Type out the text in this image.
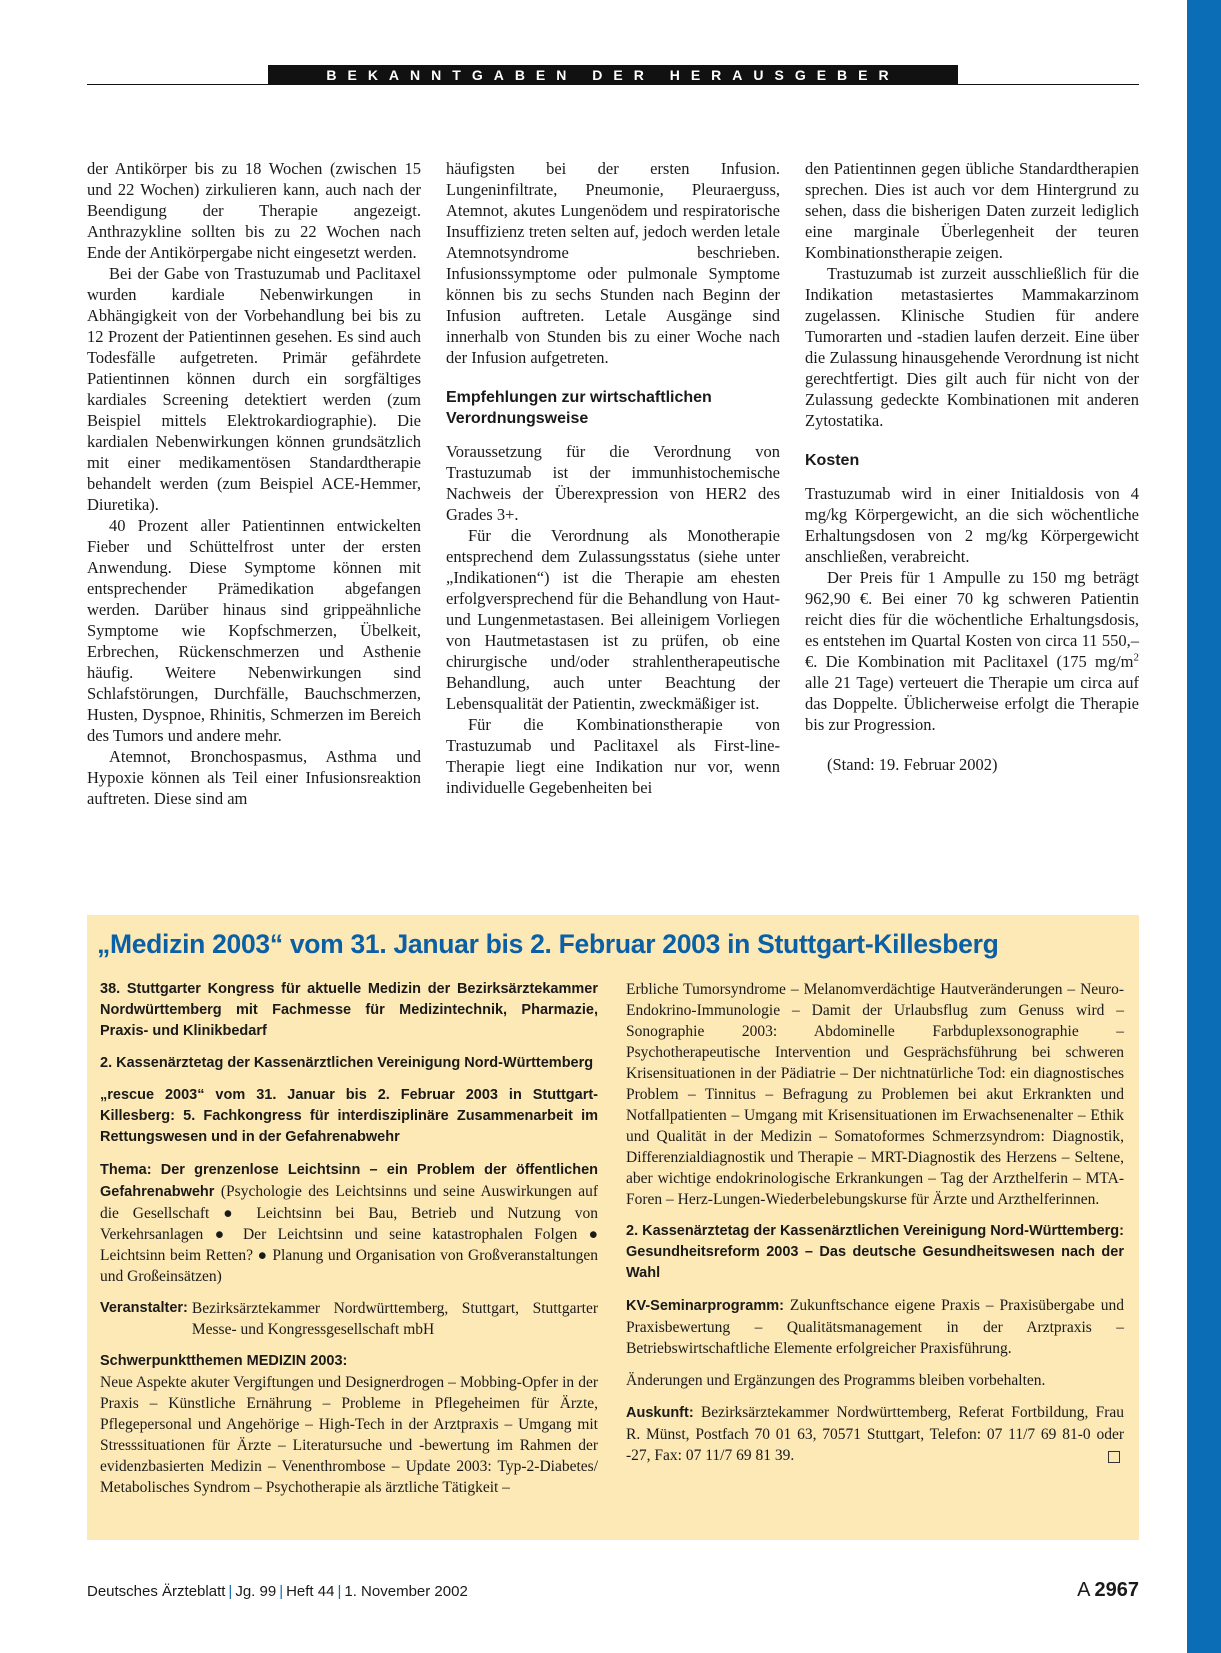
BEKANNTGABEN DER HERAUSGEBER

der Antikörper bis zu 18 Wochen (zwischen 15 und 22 Wochen) zirkulieren kann, auch nach der Beendigung der Therapie angezeigt. Anthrazykline sollten bis zu 22 Wochen nach Ende der Antikörpergabe nicht eingesetzt werden.

Bei der Gabe von Trastuzumab und Paclitaxel wurden kardiale Nebenwirkungen in Abhängigkeit von der Vorbehandlung bei bis zu 12 Prozent der Patientinnen gesehen. Es sind auch Todesfälle aufgetreten. Primär gefährdete Patientinnen können durch ein sorgfältiges kardiales Screening detektiert werden (zum Beispiel mittels Elektrokardiographie). Die kardialen Nebenwirkungen können grundsätzlich mit einer medikamentösen Standardtherapie behandelt werden (zum Beispiel ACE-Hemmer, Diuretika).

40 Prozent aller Patientinnen entwickelten Fieber und Schüttelfrost unter der ersten Anwendung. Diese Symptome können mit entsprechender Prämedikation abgefangen werden. Darüber hinaus sind grippeähnliche Symptome wie Kopfschmerzen, Übelkeit, Erbrechen, Rückenschmerzen und Asthenie häufig. Weitere Nebenwirkungen sind Schlafstörungen, Durchfälle, Bauchschmerzen, Husten, Dyspnoe, Rhinitis, Schmerzen im Bereich des Tumors und andere mehr.

Atemnot, Bronchospasmus, Asthma und Hypoxie können als Teil einer Infusionsreaktion auftreten. Diese sind am

häufigsten bei der ersten Infusion. Lungeninfiltrate, Pneumonie, Pleuraerguss, Atemnot, akutes Lungenödem und respiratorische Insuffizienz treten selten auf, jedoch werden letale Atemnotsyndrome beschrieben. Infusionssymptome oder pulmonale Symptome können bis zu sechs Stunden nach Beginn der Infusion auftreten. Letale Ausgänge sind innerhalb von Stunden bis zu einer Woche nach der Infusion aufgetreten.

Empfehlungen zur wirtschaftlichen Verordnungsweise

Voraussetzung für die Verordnung von Trastuzumab ist der immunhistochemische Nachweis der Überexpression von HER2 des Grades 3+.

Für die Verordnung als Monotherapie entsprechend dem Zulassungsstatus (siehe unter „Indikationen“) ist die Therapie am ehesten erfolgversprechend für die Behandlung von Haut- und Lungenmetastasen. Bei alleinigem Vorliegen von Hautmetastasen ist zu prüfen, ob eine chirurgische und/oder strahlentherapeutische Behandlung, auch unter Beachtung der Lebensqualität der Patientin, zweckmäßiger ist.

Für die Kombinationstherapie von Trastuzumab und Paclitaxel als First-line-Therapie liegt eine Indikation nur vor, wenn individuelle Gegebenheiten bei

den Patientinnen gegen übliche Standardtherapien sprechen. Dies ist auch vor dem Hintergrund zu sehen, dass die bisherigen Daten zurzeit lediglich eine marginale Überlegenheit der teuren Kombinationstherapie zeigen.

Trastuzumab ist zurzeit ausschließlich für die Indikation metastasiertes Mammakarzinom zugelassen. Klinische Studien für andere Tumorarten und -stadien laufen derzeit. Eine über die Zulassung hinausgehende Verordnung ist nicht gerechtfertigt. Dies gilt auch für nicht von der Zulassung gedeckte Kombinationen mit anderen Zytostatika.

Kosten

Trastuzumab wird in einer Initialdosis von 4 mg/kg Körpergewicht, an die sich wöchentliche Erhaltungsdosen von 2 mg/kg Körpergewicht anschließen, verabreicht.

Der Preis für 1 Ampulle zu 150 mg beträgt 962,90 €. Bei einer 70 kg schweren Patientin reicht dies für die wöchentliche Erhaltungsdosis, es entstehen im Quartal Kosten von circa 11 550,– €. Die Kombination mit Paclitaxel (175 $mg/m^2$ alle 21 Tage) verteuert die Therapie um circa auf das Doppelte. Üblicherweise erfolgt die Therapie bis zur Progression.

(Stand: 19. Februar 2002)

„Medizin 2003“ vom 31. Januar bis 2. Februar 2003 in Stuttgart-Killesberg

38. Stuttgarter Kongress für aktuelle Medizin der Bezirksärztekammer Nordwürttemberg mit Fachmesse für Medizintechnik, Pharmazie, Praxis- und Klinikbedarf

2. Kassenärztetag der Kassenärztlichen Vereinigung Nord-Württemberg

„rescue 2003“ vom 31. Januar bis 2. Februar 2003 in Stuttgart-Killesberg: 5. Fachkongress für interdisziplinäre Zusammenarbeit im Rettungswesen und in der Gefahrenabwehr

Thema: Der grenzenlose Leichtsinn – ein Problem der öffentlichen Gefahrenabwehr (Psychologie des Leichtsinns und seine Auswirkungen auf die Gesellschaft ● Leichtsinn bei Bau, Betrieb und Nutzung von Verkehrsanlagen ● Der Leichtsinn und seine katastrophalen Folgen ● Leichtsinn beim Retten? ● Planung und Organisation von Großveranstaltungen und Großeinsätzen)

Veranstalter: Bezirksärztekammer Nordwürttemberg, Stuttgart, Stuttgarter Messe- und Kongressgesellschaft mbH

Schwerpunktthemen MEDIZIN 2003:

Neue Aspekte akuter Vergiftungen und Designerdrogen – Mobbing-Opfer in der Praxis – Künstliche Ernährung – Probleme in Pflegeheimen für Ärzte, Pflegepersonal und Angehörige – High-Tech in der Arztpraxis – Umgang mit Stresssituationen für Ärzte – Literatursuche und -bewertung im Rahmen der evidenzbasierten Medizin – Venenthrombose – Update 2003: Typ-2-Diabetes/ Metabolisches Syndrom – Psychotherapie als ärztliche Tätigkeit –

Erbliche Tumorsyndrome – Melanomverdächtige Hautveränderungen – Neuro-Endokrino-Immunologie – Damit der Urlaubsflug zum Genuss wird – Sonographie 2003: Abdominelle Farbduplexsonographie – Psychotherapeutische Intervention und Gesprächsführung bei schweren Krisensituationen in der Pädiatrie – Der nichtnatürliche Tod: ein diagnostisches Problem – Tinnitus – Befragung zu Problemen bei akut Erkrankten und Notfallpatienten – Umgang mit Krisensituationen im Erwachsenenalter – Ethik und Qualität in der Medizin – Somatoformes Schmerzsyndrom: Diagnostik, Differenzialdiagnostik und Therapie – MRT-Diagnostik des Herzens – Seltene, aber wichtige endokrinologische Erkrankungen – Tag der Arzthelferin – MTA-Foren – Herz-Lungen-Wiederbelebungskurse für Ärzte und Arzthelferinnen.

2. Kassenärztetag der Kassenärztlichen Vereinigung Nord-Württemberg: Gesundheitsreform 2003 – Das deutsche Gesundheitswesen nach der Wahl

KV-Seminarprogramm: Zukunftschance eigene Praxis – Praxisübergabe und Praxisbewertung – Qualitätsmanagement in der Arztpraxis – Betriebswirtschaftliche Elemente erfolgreicher Praxisführung.

Änderungen und Ergänzungen des Programms bleiben vorbehalten.

Auskunft: Bezirksärztekammer Nordwürttemberg, Referat Fortbildung, Frau R. Münst, Postfach 70 01 63, 70571 Stuttgart, Telefon: 07 11/7 69 81-0 oder -27, Fax: 07 11/7 69 81 39.

Deutsches Ärzteblatt | Jg. 99 | Heft 44 | 1. November 2002	A  2967
